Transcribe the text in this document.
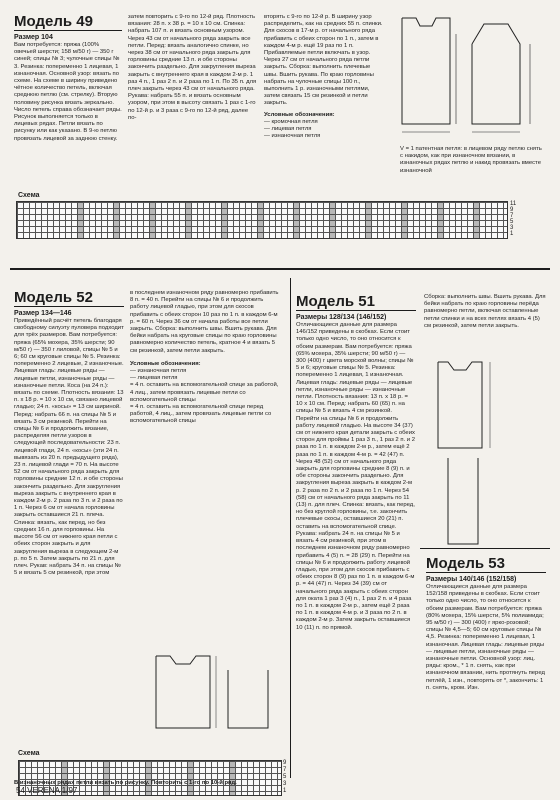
Модель 49
Размер 104

Вам потребуется: пряжа (100% овечьей шерсти; 158 м/50 г) — 350 г синей; спицы № 3; чулочные спицы № 3. Резинка: попеременно 1 лицевая, 1 изнаночная. Основной узор: вязать по схеме. На схеме в ширину приведено чётное количество петель, включая среднюю петлю (см. стрелку). Вторую половину рисунка вязать зеркально. Число петель справа обозначает ряды. Рисунок выполняется только в лицевых рядах. Петли вязать по рисунку или как указано. В 9-ю петлю провязать лицевой за заднюю стенку.

затем повторить с 9-го по 12-й ряд. Плотность вязания: 28 п. х 38 р. = 10 х 10 см. Спинка: набрать 107 п. и вязать основным узором. Через 43 см от начального ряда закрыть все петли. Перед: вязать аналогично спинке, но через 38 см от начального ряда закрыть для горловины средние 13 п. и обе стороны закончить раздельно. Для закругления выреза закрыть с внутреннего края в каждом 2-м р. 1 раз 4 п., 1 раз 2 п. и 2 раза по 1 п. По 35 п. для плеч закрыть через 43 см от начального ряда. Рукава: набрать 55 п. и вязать основным узором, при этом в высоту связать 1 раз с 1-го по 12-й р. и 3 раза с 9-го по 12-й ряд, далее по-

вторять с 9-го по 12-й р. В ширину узор распределить, как на средних 55 п. спинки. Для скосов в 17-м р. от начального ряда прибавить с обеих сторон по 1 п., затем в каждом 4-м р. ещё 19 раз по 1 п. Прибавляемые петли включать в узор. Через 27 см от начального ряда петли закрыть. Сборка: выполнить плечевые швы. Вшить рукава. По краю горловины набрать на чулочные спицы 100 п., выполнить 1 р. изнаночными петлями, затем связать 15 см резинкой и петли закрыть.

Условные обозначения:

— кромочная петля

— лицевая петля

— изнаночная петля

V = 1 патентная петля: в лицевом ряду петлю снять с накидом, как при изнаночном вязании, в изнаночных рядах петлю и накид провязать вместе изнаночной

Схема
11
9
7
5
3
1
Модель 52
Размер 134—146

Приведённый расчёт петель благодаря свободному силуэту пуловера подходит для трёх размеров. Вам потребуется: пряжа (65% мохера, 35% шерсти; 90 м/50 г) — 350 г лиловой, спицы № 5 и 6; 60 см круговые спицы № 5. Резинка: попеременно 2 лицевые, 2 изнаночные. Лицевая гладь: лицевые ряды — лицевые петли, изнаночные ряды — изнаночные петли. Коса (на 24 п.): вязать по схеме. Плотность вязания: 13 п. х 18 р. = 10 х 10 см, связано лицевой гладью; 24 п. «косы» = 13 см шириной. Перед: набрать 66 п. на спицы № 5 и вязать 3 см резинкой. Перейти на спицы № 6 и продолжить вязание, распределяя петли узоров в следующей последовательности: 23 п. лицевой глади, 24 п. «косы» (эти 24 п. вывязать из 20 п. предыдущего ряда), 23 п. лицевой глади = 70 п. На высоте 52 см от начального ряда закрыть для горловины средние 12 п. и обе стороны закончить раздельно. Для закругления выреза закрыть с внутреннего края в каждом 2-м р. 2 раза по 3 п. и 2 раза по 1 п. Через 6 см от начала горловины закрыть оставшиеся 21 п. плеча. Спинка: вязать, как перед, но без средних 16 п. для горловины. На высоте 56 см от нижнего края петли с обеих сторон закрыть и для закругления выреза в следующем 2-м р. по 5 п. Затем закрыть по 21 п. для плеч. Рукав: набрать 34 п. на спицы № 5 и вязать 5 см резинкой, при этом

в последнем изнаночном ряду равномерно прибавить 8 п. = 40 п. Перейти на спицы № 6 и продолжить работу лицевой гладью, при этом для скосов прибавить с обеих сторон 10 раз по 1 п. в каждом 6-м р. = 60 п. Через 36 см от начала работы все петли закрыть. Сборка: выполнить швы. Вшить рукава. Для бейки набрать на круговые спицы по краю горловины равномерно количество петель, кратное 4 и вязать 5 см резинкой, затем петли закрыть.

Условные обозначения:

— изнаночная петля

— лицевая петля

= 4 п. оставить на вспомогательной спице за работой, 4 лиц., затем провязать лицевые петли со вспомогательной спицы

= 4 п. оставить на вспомогательной спице перед работой, 4 лиц., затем провязать лицевые петли со вспомогательной спицы

Схема
9
7
5
3
1

В изнаночных рядах петли вязать по рисунку. Повторить с 1-го по 10-й ряд.

Модель 51
Размеры 128/134 (146/152)

Отличающиеся данные для размера 146/152 приведены в скобках. Если стоит только одно число, то оно относится к обоим размерам. Вам потребуется: пряжа (65% мохера, 35% шерсти; 90 м/50 г) — 300 (400) г цвета морской волны; спицы № 5 и 6; круговые спицы № 5. Резинка: попеременно 1 лицевая, 1 изнаночная. Лицевая гладь: лицевые ряды — лицевые петли, изнаночные ряды — изнаночные петли. Плотность вязания: 13 п. х 18 р. = 10 х 10 см. Перед: набрать 60 (65) п. на спицы № 5 и вязать 4 см резинкой. Перейти на спицы № 6 и продолжить работу лицевой гладью. На высоте 34 (37) см от нижнего края детали закрыть с обеих сторон для проймы 1 раз 3 п., 1 раз 2 п. и 2 раза по 1 п. в каждом 2-м р., затем ещё 2 раза по 1 п. в каждом 4-м р. = 42 (47) п. Через 48 (52) см от начального ряда закрыть для горловины средние 8 (9) п. и обе стороны закончить раздельно. Для закругления выреза закрыть в каждом 2-м р. 2 раза по 2 п. и 2 раза по 1 п. Через 54 (58) см от начального ряда закрыть по 11 (13) п. для плеч. Спинка: вязать, как перед, но без круглой горловины, т.е. закончить плечевые скосы, оставшиеся 20 (21) п. оставить на вспомогательной спице. Рукава: набрать 24 п. на спицы № 5 и вязать 4 см резинкой, при этом в последнем изнаночном ряду равномерно прибавить 4 (5) п. = 28 (29) п. Перейти на спицы № 6 и продолжить работу лицевой гладью, при этом для скосов прибавить с обеих сторон 8 (9) раз по 1 п. в каждом 6-м р. = 44 (47) п. Через 34 (39) см от начального ряда закрыть с обеих сторон для оката 1 раз 3 (4) п., 1 раз 2 п. и 4 раза по 1 п. в каждом 2-м р., затем ещё 2 раза по 1 п. в каждом 4-м р. и 3 раза по 2 п. в каждом 2-м р. Затем закрыть оставшиеся 10 (11) п. по прямой.

Сборка: выполнить швы. Вшить рукава. Для бейки набрать по краю горловины перёда равномерно петли, включая оставленные петли спинки и на всех петлях вязать 4 (5) см резинкой, затем петли закрыть.

Модель 53
Размеры 140/146 (152/158)

Отличающиеся данные для размера 152/158 приведены в скобках. Если стоит только одно число, то оно относится к обоим размерам. Вам потребуется: пряжа (80% мохера, 15% шерсти, 5% полиамида; 95 м/50 г) — 300 (400) г ярко-розовой; спицы № 4,5—5; 60 см круговые спицы № 4,5. Резинка: попеременно 1 лицевая, 1 изнаночная. Лицевая гладь: лицевые ряды — лицевые петли, изнаночные ряды — изнаночные петли. Основной узор: лиц. ряды: кром., * 1 п. снять, как при изнаночном вязании, нить протянуть перед петлёй, 1 изн., повторять от *, закончить: 1 п. снять, кром. Изн.

54 VERENA 1/97
